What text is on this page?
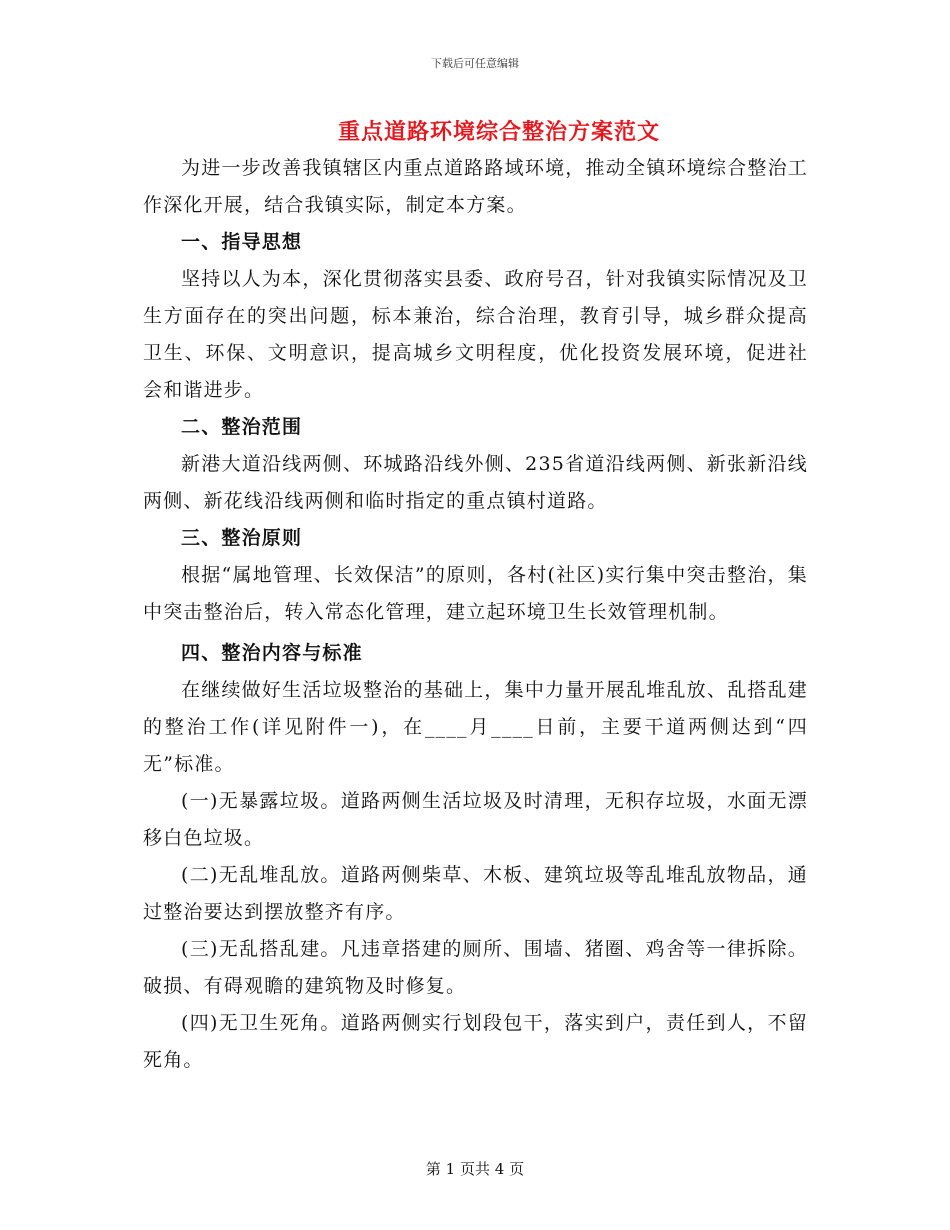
下载后可任意编辑
重点道路环境综合整治方案范文

为进一步改善我镇辖区内重点道路路域环境，推动全镇环境综合整治工作深化开展，结合我镇实际，制定本方案。

一、指导思想

坚持以人为本，深化贯彻落实县委、政府号召，针对我镇实际情况及卫生方面存在的突出问题，标本兼治，综合治理，教育引导，城乡群众提高卫生、环保、文明意识，提高城乡文明程度，优化投资发展环境，促进社会和谐进步。

二、整治范围

新港大道沿线两侧、环城路沿线外侧、235省道沿线两侧、新张新沿线两侧、新花线沿线两侧和临时指定的重点镇村道路。

三、整治原则

根据“属地管理、长效保洁”的原则，各村(社区)实行集中突击整治，集中突击整治后，转入常态化管理，建立起环境卫生长效管理机制。

四、整治内容与标准

在继续做好生活垃圾整治的基础上，集中力量开展乱堆乱放、乱搭乱建的整治工作(详见附件一)，在____月____日前，主要干道两侧达到“四无”标准。

(一)无暴露垃圾。道路两侧生活垃圾及时清理，无积存垃圾，水面无漂移白色垃圾。

(二)无乱堆乱放。道路两侧柴草、木板、建筑垃圾等乱堆乱放物品，通过整治要达到摆放整齐有序。

(三)无乱搭乱建。凡违章搭建的厕所、围墙、猪圈、鸡舍等一律拆除。破损、有碍观瞻的建筑物及时修复。

(四)无卫生死角。道路两侧实行划段包干，落实到户，责任到人，不留死角。

第 1 页共 4 页
